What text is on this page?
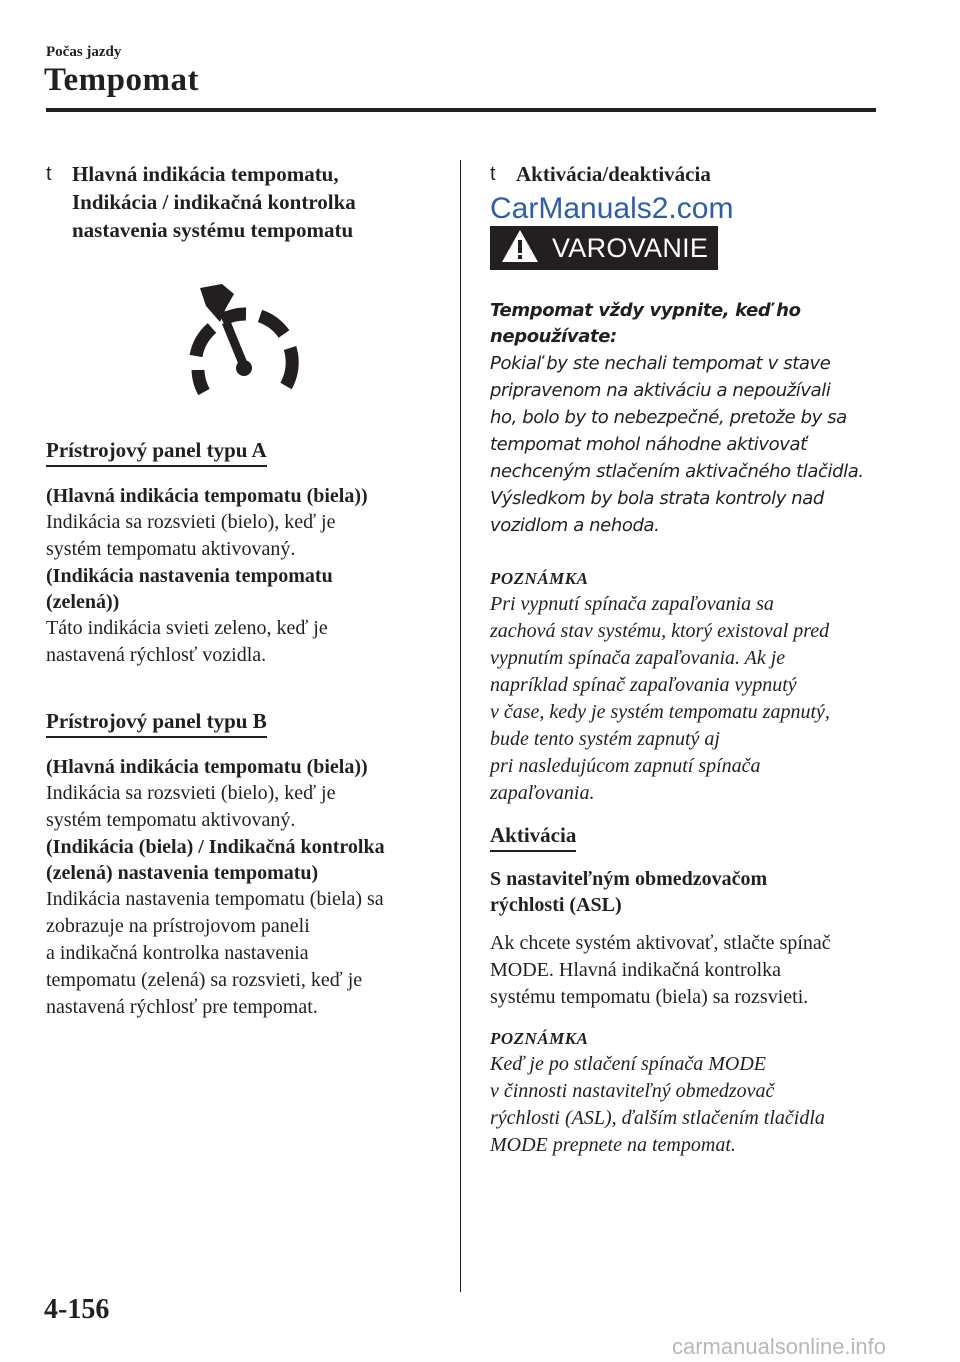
Počas jazdy
Tempomat
t Hlavná indikácia tempomatu,
Indikácia / indikačná kontrolka
nastavenia systému tempomatu
Prístrojový panel typu A
(Hlavná indikácia tempomatu (biela))
Indikácia sa rozsvieti (bielo), keď je
systém tempomatu aktivovaný.
(Indikácia nastavenia tempomatu
(zelená))
Táto indikácia svieti zeleno, keď je
nastavená rýchlosť vozidla.
Prístrojový panel typu B
(Hlavná indikácia tempomatu (biela))
Indikácia sa rozsvieti (bielo), keď je
systém tempomatu aktivovaný.
(Indikácia (biela) / Indikačná kontrolka
(zelená) nastavenia tempomatu)
Indikácia nastavenia tempomatu (biela) sa
zobrazuje na prístrojovom paneli
a indikačná kontrolka nastavenia
tempomatu (zelená) sa rozsvieti, keď je
nastavená rýchlosť pre tempomat.
t Aktivácia/deaktivácia
CarManuals2.com
VAROVANIE
Tempomat vždy vypnite, keď ho
nepoužívate:
Pokiaľ by ste nechali tempomat v stave
pripravenom na aktiváciu a nepoužívali
ho, bolo by to nebezpečné, pretože by sa
tempomat mohol náhodne aktivovať
nechceným stlačením aktivačného tlačidla.
Výsledkom by bola strata kontroly nad
vozidlom a nehoda.
POZNÁMKA
Pri vypnutí spínača zapaľovania sa
zachová stav systému, ktorý existoval pred
vypnutím spínača zapaľovania. Ak je
napríklad spínač zapaľovania vypnutý
v čase, kedy je systém tempomatu zapnutý,
bude tento systém zapnutý aj
pri nasledujúcom zapnutí spínača
zapaľovania.
Aktivácia
S nastaviteľným obmedzovačom
rýchlosti (ASL)
Ak chcete systém aktivovať, stlačte spínač
MODE. Hlavná indikačná kontrolka
systému tempomatu (biela) sa rozsvieti.
POZNÁMKA
Keď je po stlačení spínača MODE
v činnosti nastaviteľný obmedzovač
rýchlosti (ASL), ďalším stlačením tlačidla
MODE prepnete na tempomat.
4-156
carmanualsonline.info
